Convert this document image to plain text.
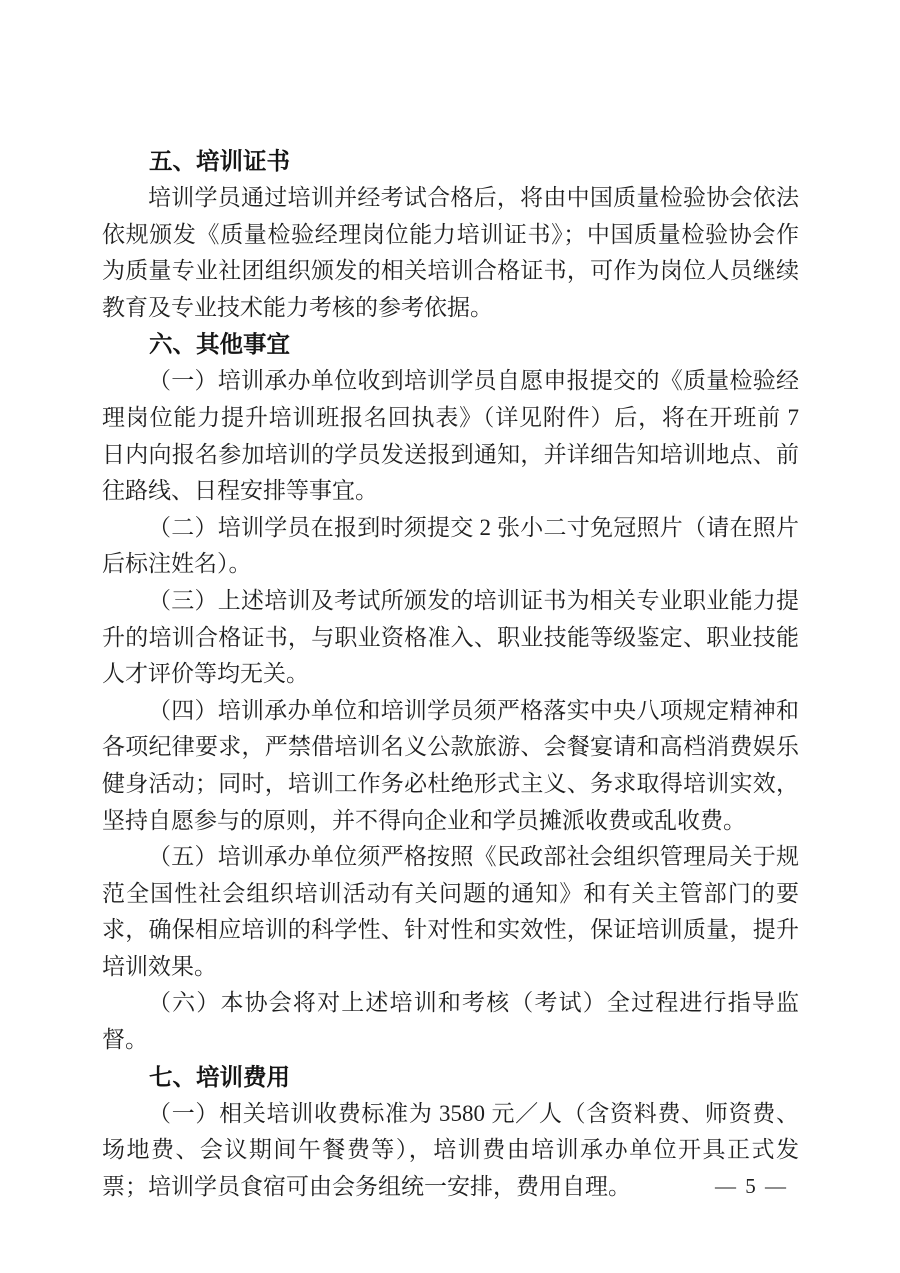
五、培训证书

培训学员通过培训并经考试合格后，将由中国质量检验协会依法依规颁发《质量检验经理岗位能力培训证书》；中国质量检验协会作为质量专业社团组织颁发的相关培训合格证书，可作为岗位人员继续教育及专业技术能力考核的参考依据。

六、其他事宜

（一）培训承办单位收到培训学员自愿申报提交的《质量检验经理岗位能力提升培训班报名回执表》（详见附件）后，将在开班前 7 日内向报名参加培训的学员发送报到通知，并详细告知培训地点、前往路线、日程安排等事宜。

（二）培训学员在报到时须提交 2 张小二寸免冠照片（请在照片后标注姓名）。

（三）上述培训及考试所颁发的培训证书为相关专业职业能力提升的培训合格证书，与职业资格准入、职业技能等级鉴定、职业技能人才评价等均无关。

（四）培训承办单位和培训学员须严格落实中央八项规定精神和各项纪律要求，严禁借培训名义公款旅游、会餐宴请和高档消费娱乐健身活动；同时，培训工作务必杜绝形式主义、务求取得培训实效，坚持自愿参与的原则，并不得向企业和学员摊派收费或乱收费。

（五）培训承办单位须严格按照《民政部社会组织管理局关于规范全国性社会组织培训活动有关问题的通知》和有关主管部门的要求，确保相应培训的科学性、针对性和实效性，保证培训质量，提升培训效果。

（六）本协会将对上述培训和考核（考试）全过程进行指导监督。

七、培训费用

（一）相关培训收费标准为 3580 元／人（含资料费、师资费、场地费、会议期间午餐费等），培训费由培训承办单位开具正式发票；培训学员食宿可由会务组统一安排，费用自理。	— 5 —
